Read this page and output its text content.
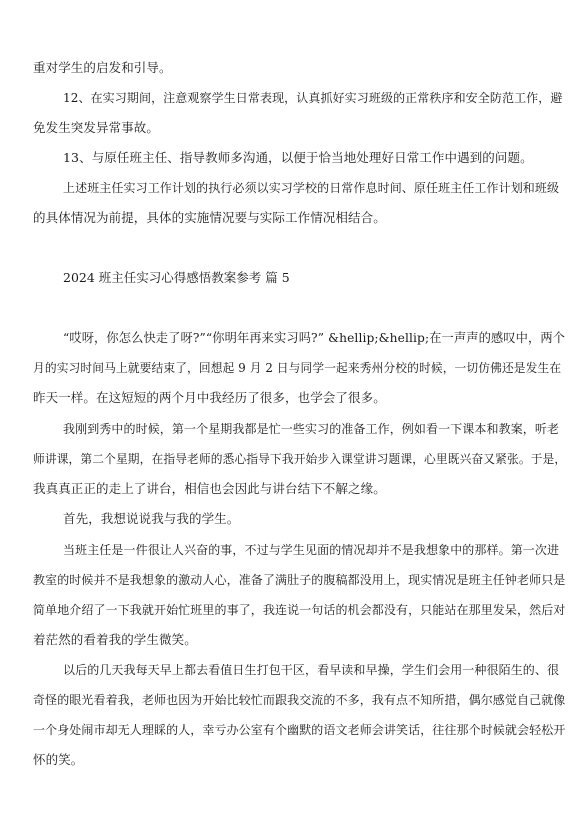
重对学生的启发和引导。
12、在实习期间，注意观察学生日常表现，认真抓好实习班级的正常秩序和安全防范工作，避
免发生突发异常事故。
13、与原任班主任、指导教师多沟通，以便于恰当地处理好日常工作中遇到的问题。
上述班主任实习工作计划的执行必须以实习学校的日常作息时间、原任班主任工作计划和班级
的具体情况为前提，具体的实施情况要与实际工作情况相结合。
2024 班主任实习心得感悟教案参考 篇 5
“哎呀，你怎么快走了呀?”“你明年再来实习吗?” &hellip;&hellip;在一声声的感叹中，两个
月的实习时间马上就要结束了，回想起 9 月 2 日与同学一起来秀州分校的时候，一切仿佛还是发生在
昨天一样。在这短短的两个月中我经历了很多，也学会了很多。
我刚到秀中的时候，第一个星期我都是忙一些实习的准备工作，例如看一下课本和教案，听老
师讲课，第二个星期，在指导老师的悉心指导下我开始步入课堂讲习题课，心里既兴奋又紧张。于是，
我真真正正的走上了讲台，相信也会因此与讲台结下不解之缘。
首先，我想说说我与我的学生。
当班主任是一件很让人兴奋的事，不过与学生见面的情况却并不是我想象中的那样。第一次进
教室的时候并不是我想象的激动人心，准备了满肚子的腹稿都没用上，现实情况是班主任钟老师只是
简单地介绍了一下我就开始忙班里的事了，我连说一句话的机会都没有，只能站在那里发呆，然后对
着茫然的看着我的学生微笑。
以后的几天我每天早上都去看值日生打包干区，看早读和早操，学生们会用一种很陌生的、很
奇怪的眼光看着我，老师也因为开始比较忙而跟我交流的不多，我有点不知所措，偶尔感觉自己就像
一个身处闹市却无人理睬的人，幸亏办公室有个幽默的语文老师会讲笑话，往往那个时候就会轻松开
怀的笑。
